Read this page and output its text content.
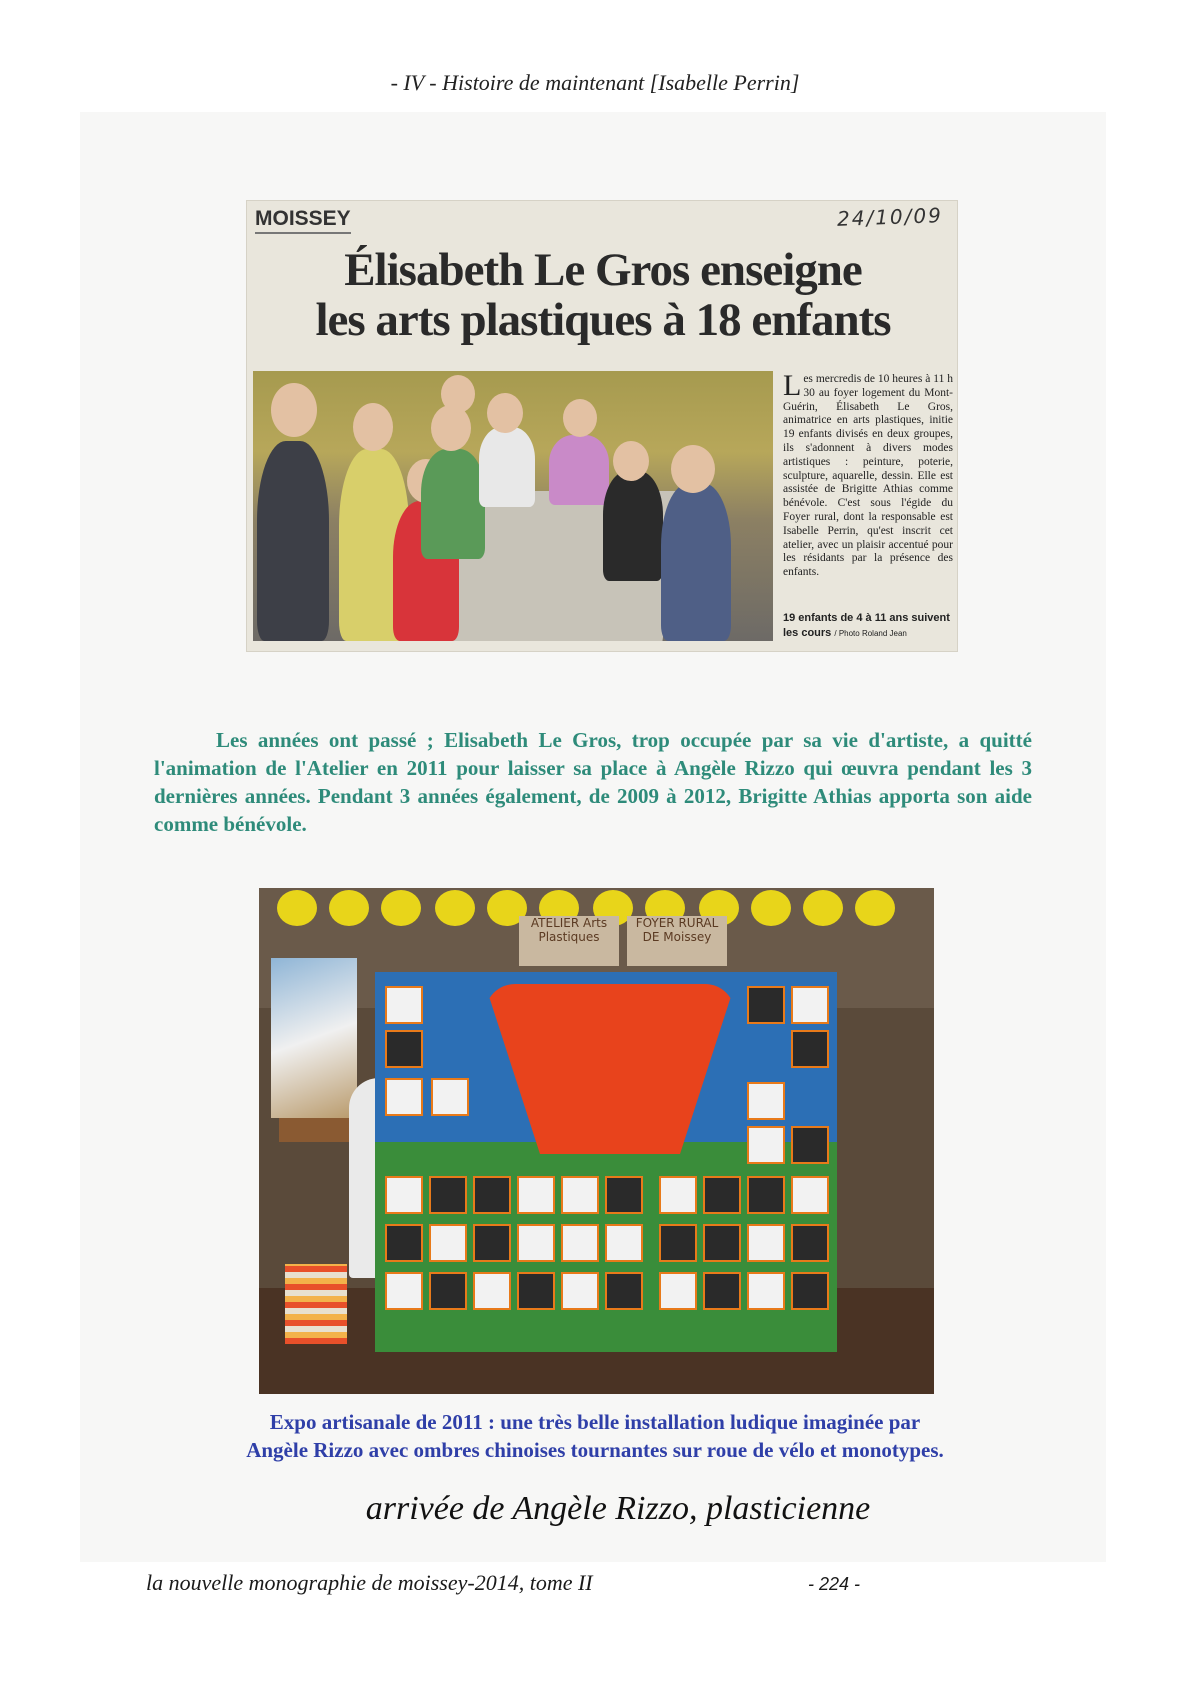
- IV - Histoire de maintenant [Isabelle Perrin]
MOISSEY	24/10/09
Élisabeth Le Gros enseigne
les arts plastiques à 18 enfants
Les mercredis de 10 heures à 11 h 30 au foyer logement du Mont-Guérin, Élisabeth Le Gros, animatrice en arts plastiques, initie 19 enfants divisés en deux groupes, ils s'adonnent à divers modes artistiques : peinture, poterie, sculpture, aquarelle, dessin. Elle est assistée de Brigitte Athias comme bénévole. C'est sous l'égide du Foyer rural, dont la responsable est Isabelle Perrin, qu'est inscrit cet atelier, avec un plaisir accentué pour les résidants par la présence des enfants.
19 enfants de 4 à 11 ans suivent les cours / Photo Roland Jean

Les années ont passé ; Elisabeth Le Gros, trop occupée par sa vie d'artiste, a quitté l'animation de l'Atelier en 2011 pour laisser sa place à Angèle Rizzo qui œuvra pendant les 3 dernières années. Pendant 3 années également, de 2009 à 2012, Brigitte Athias apporta son aide comme bénévole.

ATELIER Arts Plastiques
FOYER RURAL DE Moissey
Expo artisanale de 2011 : une très belle installation ludique imaginée par
Angèle Rizzo avec ombres chinoises tournantes sur roue de vélo et monotypes.
arrivée de Angèle Rizzo, plasticienne
la nouvelle monographie de moissey-2014, tome II	- 224 -
